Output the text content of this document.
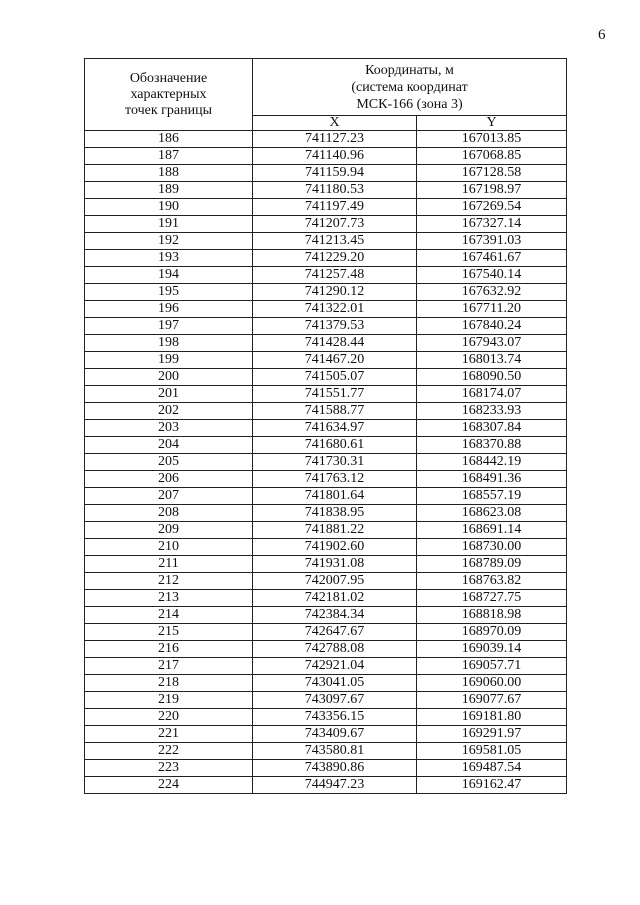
6
Обозначение
характерных
точек границы	Координаты, м
(система координат
МСК-166 (зона 3)	

	X	Y
186	741127.23	167013.85
187	741140.96	167068.85
188	741159.94	167128.58
189	741180.53	167198.97
190	741197.49	167269.54
191	741207.73	167327.14
192	741213.45	167391.03
193	741229.20	167461.67
194	741257.48	167540.14
195	741290.12	167632.92
196	741322.01	167711.20
197	741379.53	167840.24
198	741428.44	167943.07
199	741467.20	168013.74
200	741505.07	168090.50
201	741551.77	168174.07
202	741588.77	168233.93
203	741634.97	168307.84
204	741680.61	168370.88
205	741730.31	168442.19
206	741763.12	168491.36
207	741801.64	168557.19
208	741838.95	168623.08
209	741881.22	168691.14
210	741902.60	168730.00
211	741931.08	168789.09
212	742007.95	168763.82
213	742181.02	168727.75
214	742384.34	168818.98
215	742647.67	168970.09
216	742788.08	169039.14
217	742921.04	169057.71
218	743041.05	169060.00
219	743097.67	169077.67
220	743356.15	169181.80
221	743409.67	169291.97
222	743580.81	169581.05
223	743890.86	169487.54
224	744947.23	169162.47
